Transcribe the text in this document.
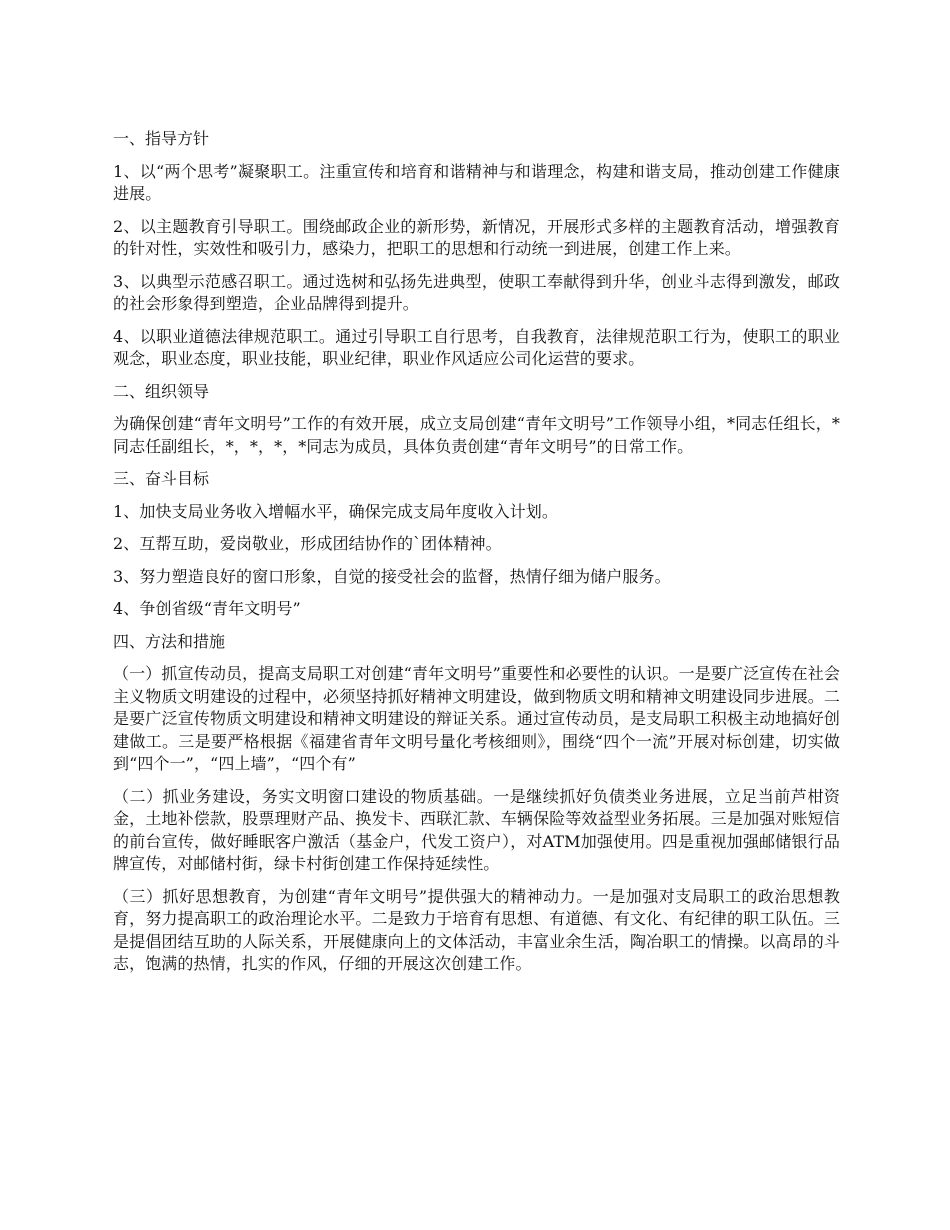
一、指导方针

1、以“两个思考”凝聚职工。注重宣传和培育和谐精神与和谐理念，构建和谐支局，推动创建工作健康进展。

2、以主题教育引导职工。围绕邮政企业的新形势，新情况，开展形式多样的主题教育活动，增强教育的针对性，实效性和吸引力，感染力，把职工的思想和行动统一到进展，创建工作上来。

3、以典型示范感召职工。通过选树和弘扬先进典型，使职工奉献得到升华，创业斗志得到激发，邮政的社会形象得到塑造，企业品牌得到提升。

4、以职业道德法律规范职工。通过引导职工自行思考，自我教育，法律规范职工行为，使职工的职业观念，职业态度，职业技能，职业纪律，职业作风适应公司化运营的要求。

二、组织领导

为确保创建“青年文明号”工作的有效开展，成立支局创建“青年文明号”工作领导小组，*同志任组长，*同志任副组长，*，*，*，*同志为成员，具体负责创建“青年文明号”的日常工作。

三、奋斗目标

1、加快支局业务收入增幅水平，确保完成支局年度收入计划。

2、互帮互助，爱岗敬业，形成团结协作的`团体精神。

3、努力塑造良好的窗口形象，自觉的接受社会的监督，热情仔细为储户服务。

4、争创省级“青年文明号”

四、方法和措施

（一）抓宣传动员，提高支局职工对创建“青年文明号”重要性和必要性的认识。一是要广泛宣传在社会主义物质文明建设的过程中，必须坚持抓好精神文明建设，做到物质文明和精神文明建设同步进展。二是要广泛宣传物质文明建设和精神文明建设的辩证关系。通过宣传动员，是支局职工积极主动地搞好创建做工。三是要严格根据《福建省青年文明号量化考核细则》，围绕“四个一流”开展对标创建，切实做到“四个一”，“四上墙”，“四个有”

（二）抓业务建设，务实文明窗口建设的物质基础。一是继续抓好负债类业务进展，立足当前芦柑资金，土地补偿款，股票理财产品、换发卡、西联汇款、车辆保险等效益型业务拓展。三是加强对账短信的前台宣传，做好睡眠客户激活（基金户，代发工资户），对ATM加强使用。四是重视加强邮储银行品牌宣传，对邮储村街，绿卡村街创建工作保持延续性。

（三）抓好思想教育，为创建“青年文明号”提供强大的精神动力。一是加强对支局职工的政治思想教育，努力提高职工的政治理论水平。二是致力于培育有思想、有道德、有文化、有纪律的职工队伍。三是提倡团结互助的人际关系，开展健康向上的文体活动，丰富业余生活，陶冶职工的情操。以高昂的斗志，饱满的热情，扎实的作风，仔细的开展这次创建工作。
